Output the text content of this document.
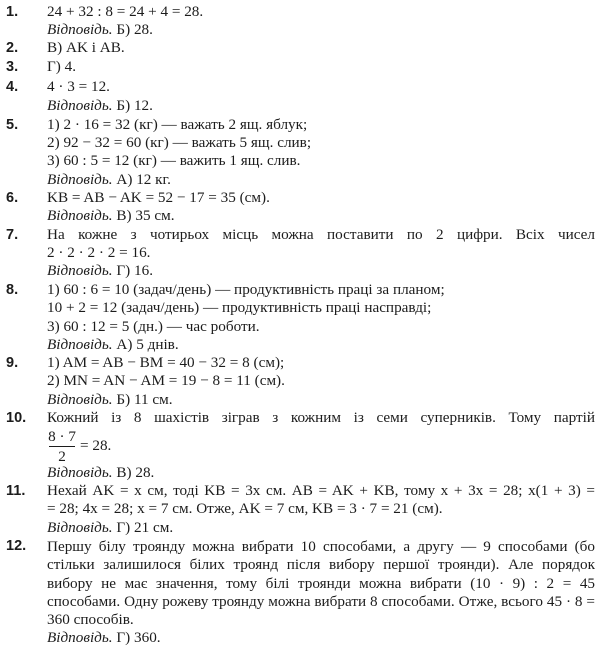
1. 24 + 32 : 8 = 24 + 4 = 28.
Відповідь. Б) 28.
2. В) AK і AB.
3. Г) 4.
4. 4 · 3 = 12.
Відповідь. Б) 12.
5. 1) 2 · 16 = 32 (кг) — важать 2 ящ. яблук;
2) 92 − 32 = 60 (кг) — важать 5 ящ. слив;
3) 60 : 5 = 12 (кг) — важить 1 ящ. слив.
Відповідь. А) 12 кг.
6. KB = AB − AK = 52 − 17 = 35 (см).
Відповідь. В) 35 см.
7. На кожне з чотирьох місць можна поставити по 2 цифри. Всіх чисел
2 · 2 · 2 · 2 = 16.
Відповідь. Г) 16.
8. 1) 60 : 6 = 10 (задач/день) — продуктивність праці за планом;
10 + 2 = 12 (задач/день) — продуктивність праці насправді;
3) 60 : 12 = 5 (дн.) — час роботи.
Відповідь. А) 5 днів.
9. 1) AM = AB − BM = 40 − 32 = 8 (см);
2) MN = AN − AM = 19 − 8 = 11 (см).
Відповідь. Б) 11 см.
10. Кожний із 8 шахістів зіграв з кожним із семи суперників. Тому партій
8 · 7
2
= 28.
Відповідь. В) 28.
11. Нехай AK = x см, тоді KB = 3x см. AB = AK + KB, тому x + 3x = 28; x(1 + 3) =
= 28; 4x = 28; x = 7 см. Отже, AK = 7 см, KB = 3 · 7 = 21 (см).
Відповідь. Г) 21 см.
12. Першу білу троянду можна вибрати 10 способами, а другу — 9 способами (бо стільки залишилося білих троянд після вибору першої троянди). Але порядок вибору не має значення, тому білі троянди можна вибрати (10 · 9) : 2 = 45 способами. Одну рожеву троянду можна вибрати 8 способами. Отже, всього 45 · 8 = 360 способів.
Відповідь. Г) 360.
